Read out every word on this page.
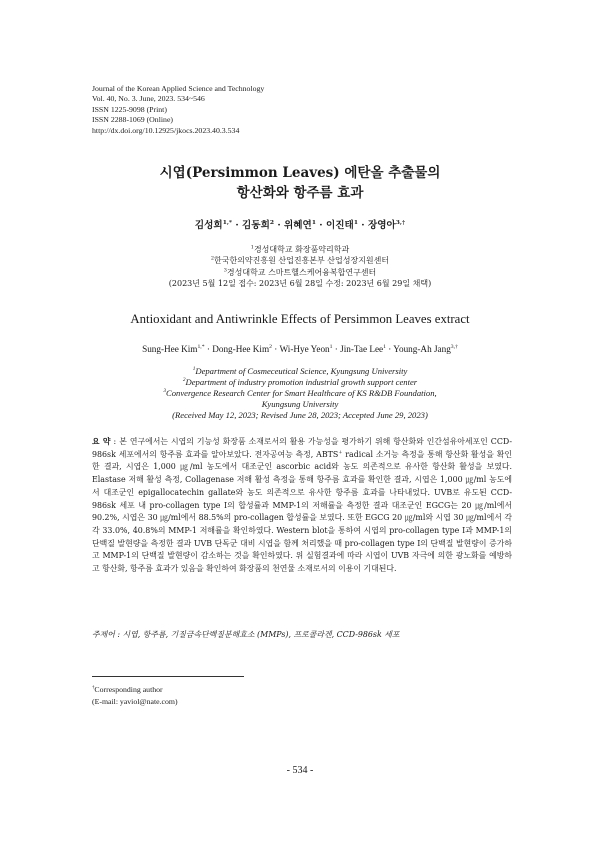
Journal of the Korean Applied Science and Technology
Vol. 40, No. 3. June, 2023. 534~546
ISSN 1225-9098 (Print)
ISSN 2288-1069 (Online)
http://dx.doi.org/10.12925/jkocs.2023.40.3.534
시엽(Persimmon Leaves) 에탄올 추출물의
항산화와 항주름 효과
김성희$^{1,*}$ · 김동희$^2$ · 위혜연$^1$ · 이진태$^1$ · 장영아$^{3,\dagger}$
$^1$경성대학교 화장품약리학과
$^2$한국한의약진흥원 산업진흥본부 산업성장지원센터
$^3$경성대학교 스마트헬스케어융복합연구센터
(2023년 5월 12일 접수: 2023년 6월 28일 수정: 2023년 6월 29일 채택)
Antioxidant and Antiwrinkle Effects of Persimmon Leaves extract
Sung-Hee Kim$^{1,*}$ · Dong-Hee Kim$^2$ · Wi-Hye Yeon$^1$ · Jin-Tae Lee$^1$ · Young-Ah Jang$^{3,\dagger}$
$^1$Department of Cosmeceutical Science, Kyungsung University
$^2$Department of industry promotion industrial growth support center
$^3$Convergence Research Center for Smart Healthcare of KS R&DB Foundation,
Kyungsung University
(Received May 12, 2023; Revised June 28, 2023; Accepted June 29, 2023)
요 약 : 본 연구에서는 시엽의 기능성 화장품 소재로서의 활용 가능성을 평가하기 위해 항산화와 인간섬유아세포인 CCD-986sk 세포에서의 항주름 효과를 알아보았다. 전자공여능 측정, ABTS+ radical 소거능 측정을 통해 항산화 활성을 확인한 결과, 시엽은 1,000 ㎍/ml 농도에서 대조군인 ascorbic acid와 농도 의존적으로 유사한 항산화 활성을 보였다. Elastase 저해 활성 측정, Collagenase 저해 활성 측정을 통해 항주름 효과를 확인한 결과, 시엽은 1,000 ㎍/ml 농도에서 대조군인 epigallocatechin gallate와 농도 의존적으로 유사한 항주름 효과를 나타내었다. UVB로 유도된 CCD-986sk 세포 내 pro-collagen type I의 합성률과 MMP-1의 저해률을 측정한 결과 대조군인 EGCG는 20 ㎍/ml에서 90.2%, 시엽은 30 ㎍/ml에서 88.5%의 pro-collagen 합성률을 보였다. 또한 EGCG 20 ㎍/ml와 시엽 30 ㎍/ml에서 각각 33.0%, 40.8%의 MMP-1 저해률을 확인하였다. Western blot을 통하여 시엽의 pro-collagen type I과 MMP-1의 단백질 발현량을 측정한 결과 UVB 단독군 대비 시엽을 함께 처리했을 때 pro-collagen type I의 단백질 발현량이 증가하고 MMP-1의 단백질 발현량이 감소하는 것을 확인하였다. 위 실험결과에 따라 시엽이 UVB 자극에 의한 광노화를 예방하고 항산화, 항주름 효과가 있음을 확인하여 화장품의 천연물 소재로서의 이용이 기대된다.
주제어 : 시엽, 항주름, 기질금속단백질분해효소 (MMPs), 프로콜라겐, CCD-986sk 세포
†Corresponding author
(E-mail: yaviol@nate.com)
- 534 -
